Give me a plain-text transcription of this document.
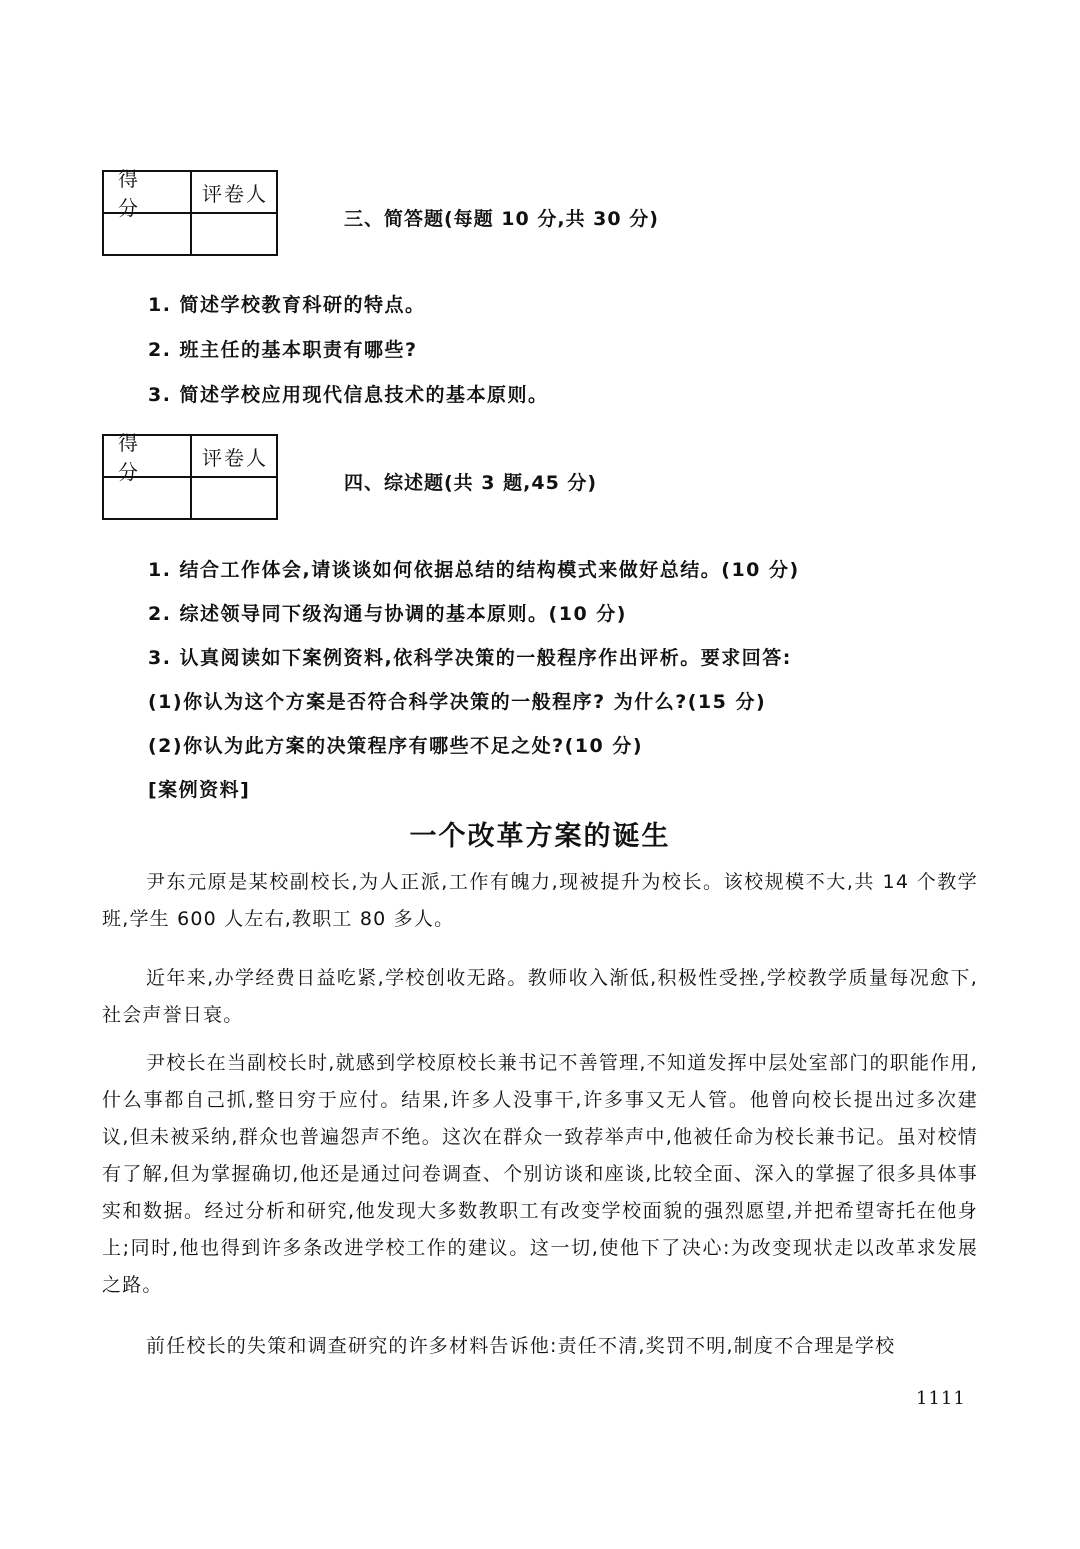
得分
评卷人
三、简答题(每题 10 分,共 30 分)
1. 简述学校教育科研的特点。
2. 班主任的基本职责有哪些?
3. 简述学校应用现代信息技术的基本原则。
得分
评卷人
四、综述题(共 3 题,45 分)
1. 结合工作体会,请谈谈如何依据总结的结构模式来做好总结。(10 分)
2. 综述领导同下级沟通与协调的基本原则。(10 分)
3. 认真阅读如下案例资料,依科学决策的一般程序作出评析。要求回答:
(1)你认为这个方案是否符合科学决策的一般程序? 为什么?(15 分)
(2)你认为此方案的决策程序有哪些不足之处?(10 分)
[案例资料]
一个改革方案的诞生
尹东元原是某校副校长,为人正派,工作有魄力,现被提升为校长。该校规模不大,共 14 个教学班,学生 600 人左右,教职工 80 多人。
近年来,办学经费日益吃紧,学校创收无路。教师收入渐低,积极性受挫,学校教学质量每况愈下,社会声誉日衰。
尹校长在当副校长时,就感到学校原校长兼书记不善管理,不知道发挥中层处室部门的职能作用,什么事都自己抓,整日穷于应付。结果,许多人没事干,许多事又无人管。他曾向校长提出过多次建议,但未被采纳,群众也普遍怨声不绝。这次在群众一致荐举声中,他被任命为校长兼书记。虽对校情有了解,但为掌握确切,他还是通过问卷调查、个别访谈和座谈,比较全面、深入的掌握了很多具体事实和数据。经过分析和研究,他发现大多数教职工有改变学校面貌的强烈愿望,并把希望寄托在他身上;同时,他也得到许多条改进学校工作的建议。这一切,使他下了决心:为改变现状走以改革求发展之路。
前任校长的失策和调查研究的许多材料告诉他:责任不清,奖罚不明,制度不合理是学校
1111
